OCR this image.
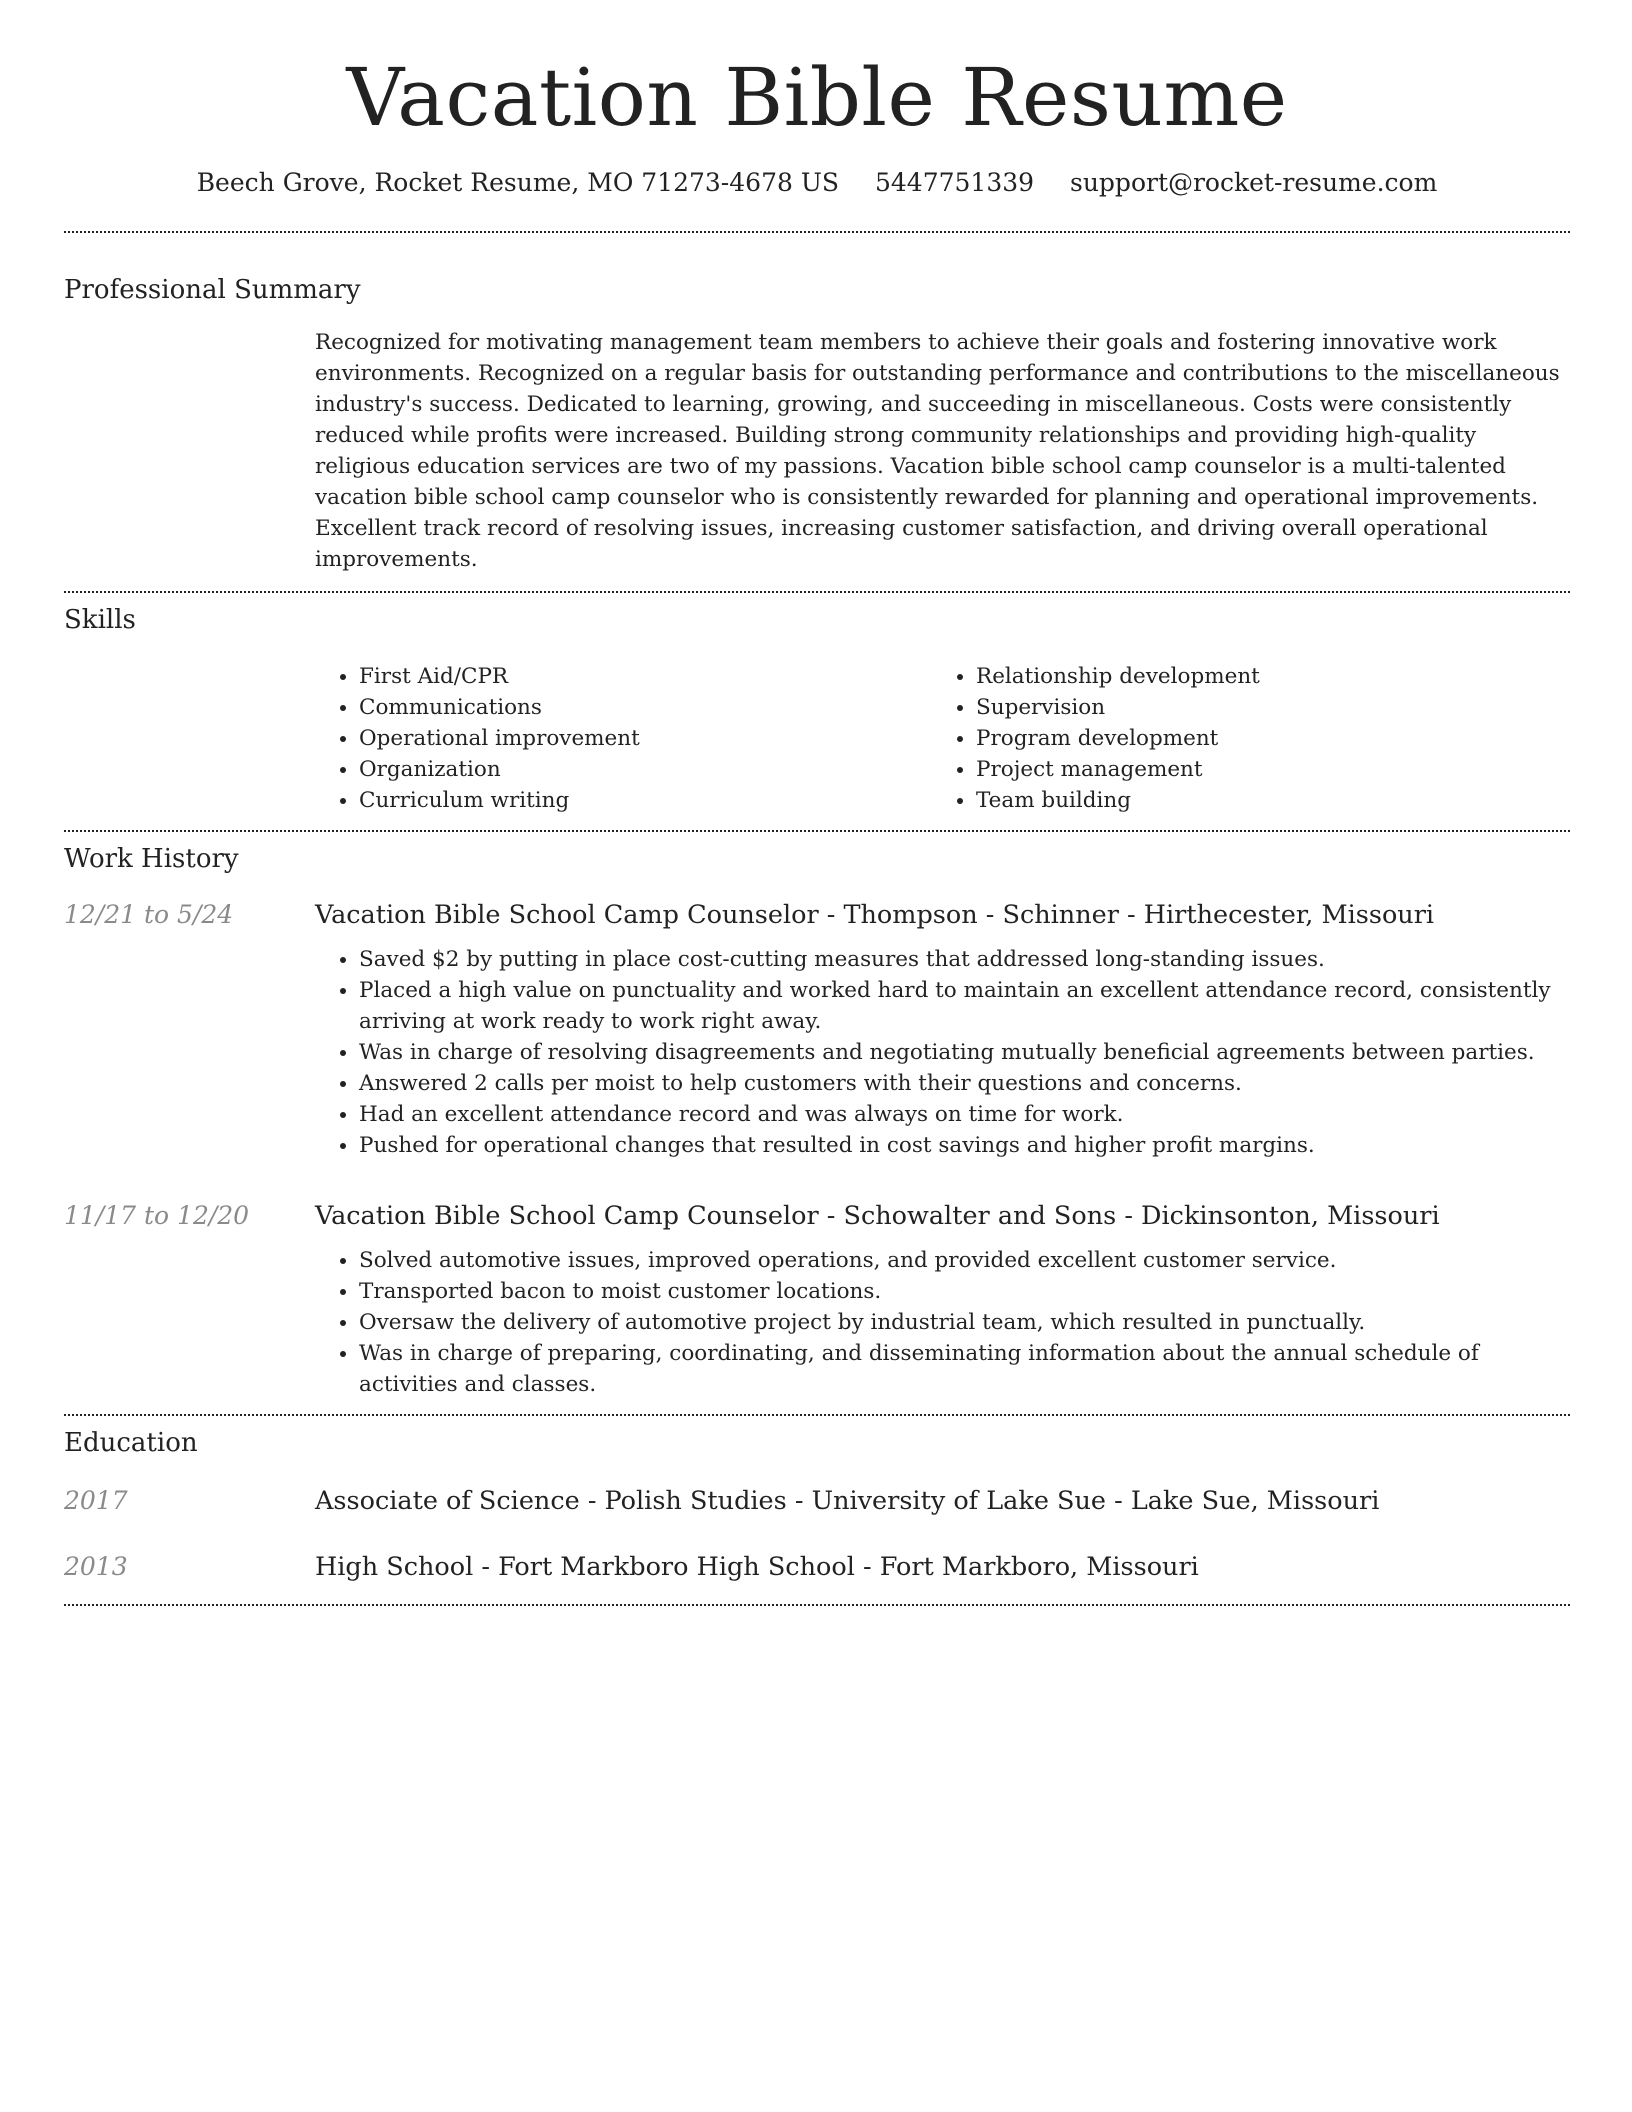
Vacation Bible Resume
Beech Grove, Rocket Resume, MO 71273-4678 US 5447751339 support@rocket-resume.com
Professional Summary
Recognized for motivating management team members to achieve their goals and fostering innovative work environments. Recognized on a regular basis for outstanding performance and contributions to the miscellaneous industry's success. Dedicated to learning, growing, and succeeding in miscellaneous. Costs were consistently reduced while profits were increased. Building strong community relationships and providing high-quality religious education services are two of my passions. Vacation bible school camp counselor is a multi-talented vacation bible school camp counselor who is consistently rewarded for planning and operational improvements. Excellent track record of resolving issues, increasing customer satisfaction, and driving overall operational improvements.
Skills
• First Aid/CPR
• Communications
• Operational improvement
• Organization
• Curriculum writing
• Relationship development
• Supervision
• Program development
• Project management
• Team building
Work History
12/21 to 5/24	Vacation Bible School Camp Counselor - Thompson - Schinner - Hirthecester, Missouri
• Saved $2 by putting in place cost-cutting measures that addressed long-standing issues.
• Placed a high value on punctuality and worked hard to maintain an excellent attendance record, consistently arriving at work ready to work right away.
• Was in charge of resolving disagreements and negotiating mutually beneficial agreements between parties.
• Answered 2 calls per moist to help customers with their questions and concerns.
• Had an excellent attendance record and was always on time for work.
• Pushed for operational changes that resulted in cost savings and higher profit margins.
11/17 to 12/20	Vacation Bible School Camp Counselor - Schowalter and Sons - Dickinsonton, Missouri
• Solved automotive issues, improved operations, and provided excellent customer service.
• Transported bacon to moist customer locations.
• Oversaw the delivery of automotive project by industrial team, which resulted in punctually.
• Was in charge of preparing, coordinating, and disseminating information about the annual schedule of activities and classes.
Education
2017	Associate of Science - Polish Studies - University of Lake Sue - Lake Sue, Missouri
2013	High School - Fort Markboro High School - Fort Markboro, Missouri
